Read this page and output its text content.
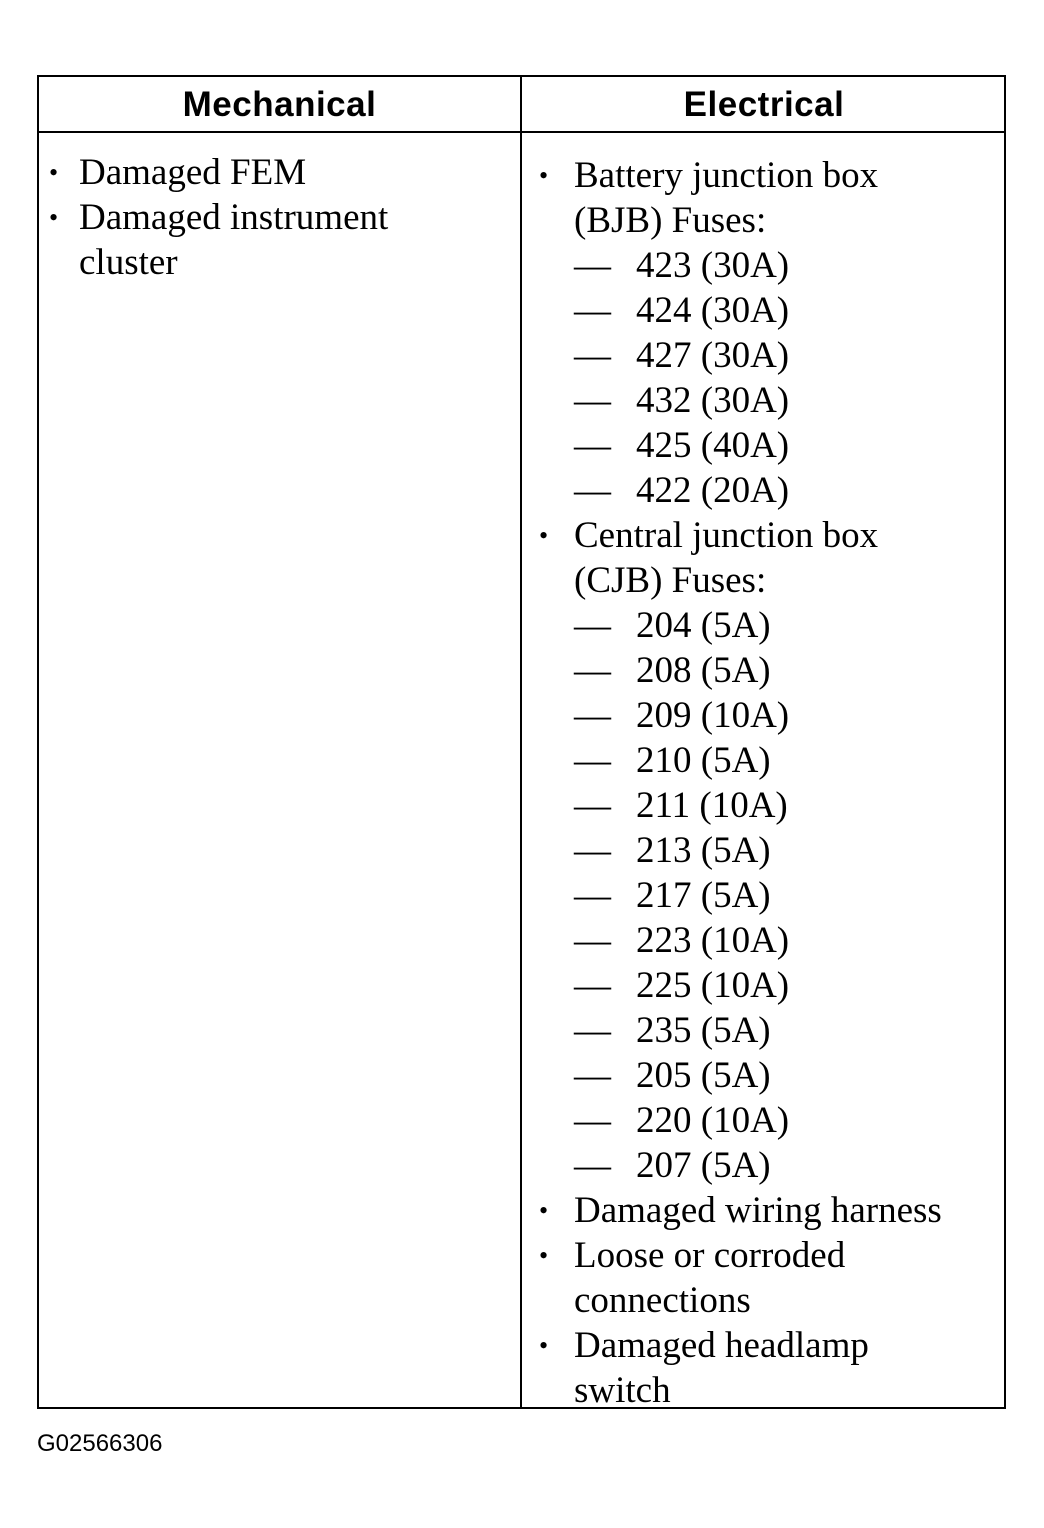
Mechanical	Electrical
• Damaged FEM
• Damaged instrument cluster
• Battery junction box (BJB) Fuses:
— 423 (30A)
— 424 (30A)
— 427 (30A)
— 432 (30A)
— 425 (40A)
— 422 (20A)
• Central junction box (CJB) Fuses:
— 204 (5A)
— 208 (5A)
— 209 (10A)
— 210 (5A)
— 211 (10A)
— 213 (5A)
— 217 (5A)
— 223 (10A)
— 225 (10A)
— 235 (5A)
— 205 (5A)
— 220 (10A)
— 207 (5A)
• Damaged wiring harness
• Loose or corroded connections
• Damaged headlamp switch
G02566306
